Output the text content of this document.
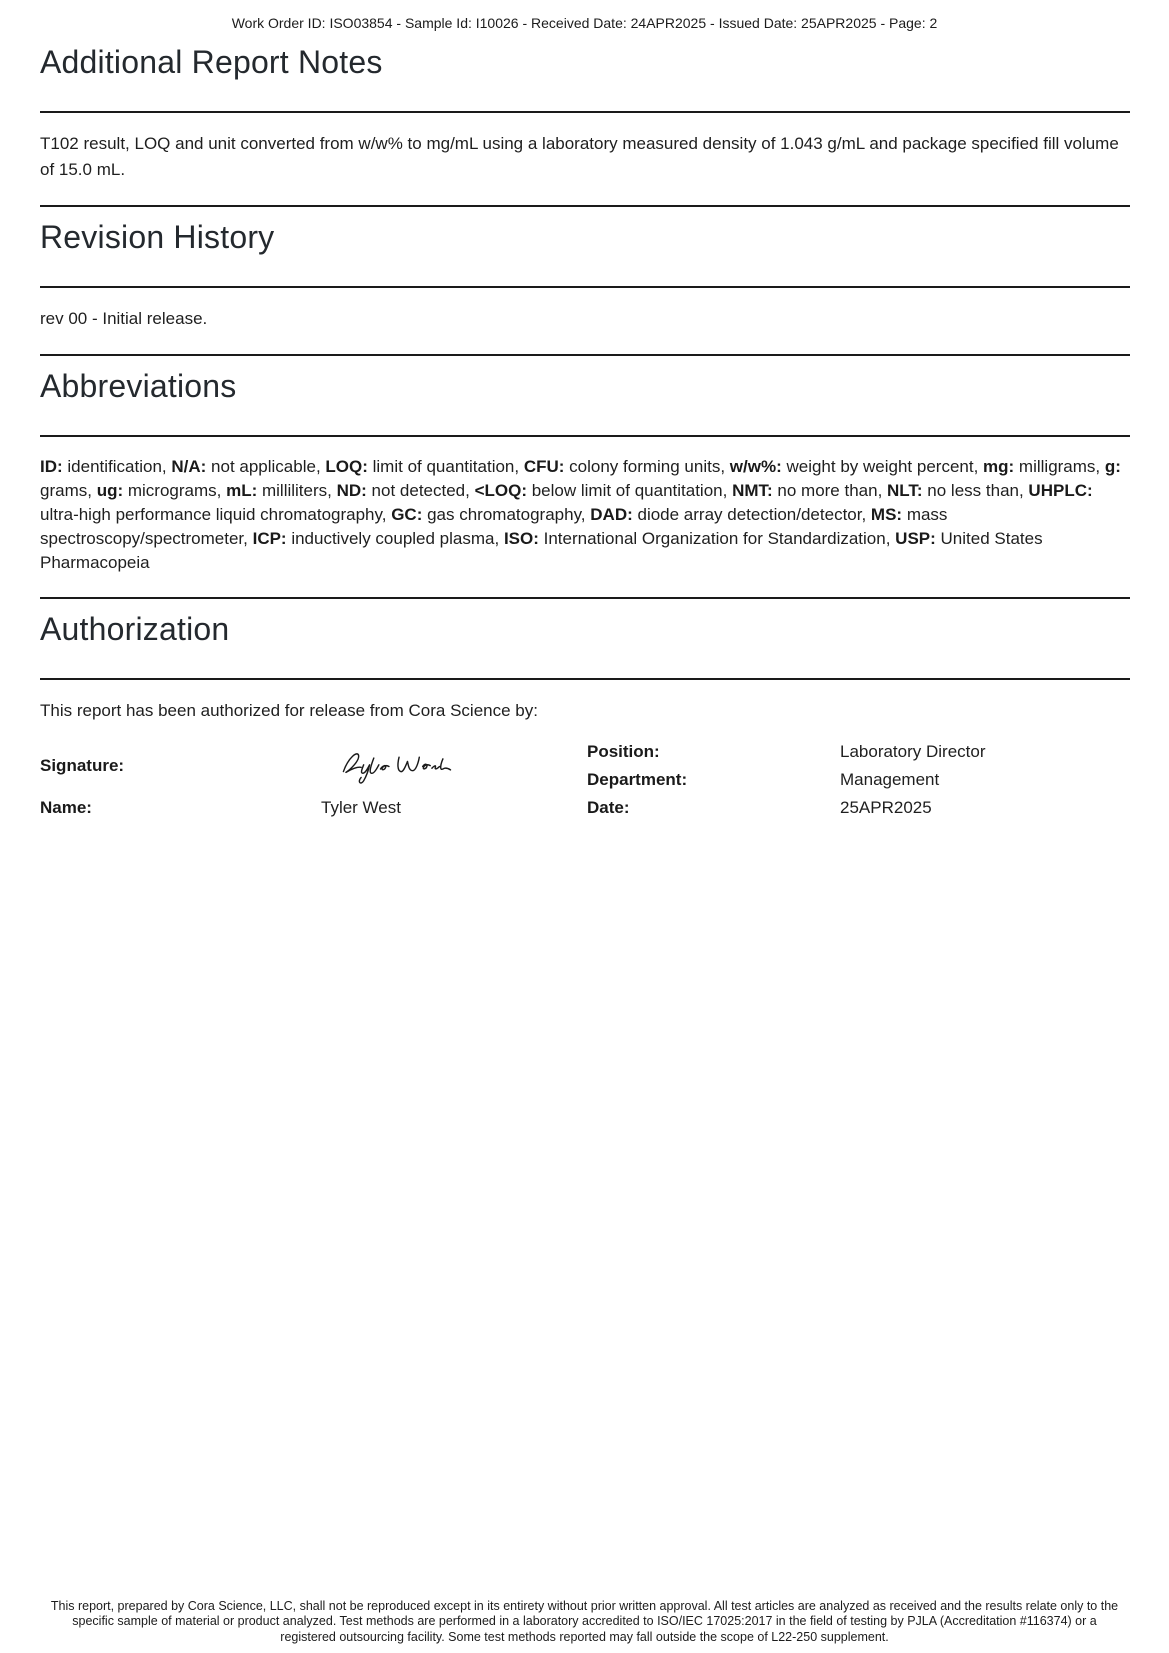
Work Order ID: ISO03854 - Sample Id: I10026 - Received Date: 24APR2025 - Issued Date: 25APR2025 - Page: 2
Additional Report Notes

T102 result, LOQ and unit converted from w/w% to mg/mL using a laboratory measured density of 1.043 g/mL and package specified fill volume of 15.0 mL.

Revision History

rev 00 - Initial release.

Abbreviations

ID: identification, N/A: not applicable, LOQ: limit of quantitation, CFU: colony forming units, w/w%: weight by weight percent, mg: milligrams, g: grams, ug: micrograms, mL: milliliters, ND: not detected, <LOQ: below limit of quantitation, NMT: no more than, NLT: no less than, UHPLC: ultra-high performance liquid chromatography, GC: gas chromatography, DAD: diode array detection/detector, MS: mass spectroscopy/spectrometer, ICP: inductively coupled plasma, ISO: International Organization for Standardization, USP: United States Pharmacopeia

Authorization

This report has been authorized for release from Cora Science by:

Signature:
Name:	Tyler West
Position:	Laboratory Director
Department:	Management
Date:	25APR2025
This report, prepared by Cora Science, LLC, shall not be reproduced except in its entirety without prior written approval. All test articles are analyzed as received and the results relate only to the specific sample of material or product analyzed. Test methods are performed in a laboratory accredited to ISO/IEC 17025:2017 in the field of testing by PJLA (Accreditation #116374) or a registered outsourcing facility. Some test methods reported may fall outside the scope of L22-250 supplement.
